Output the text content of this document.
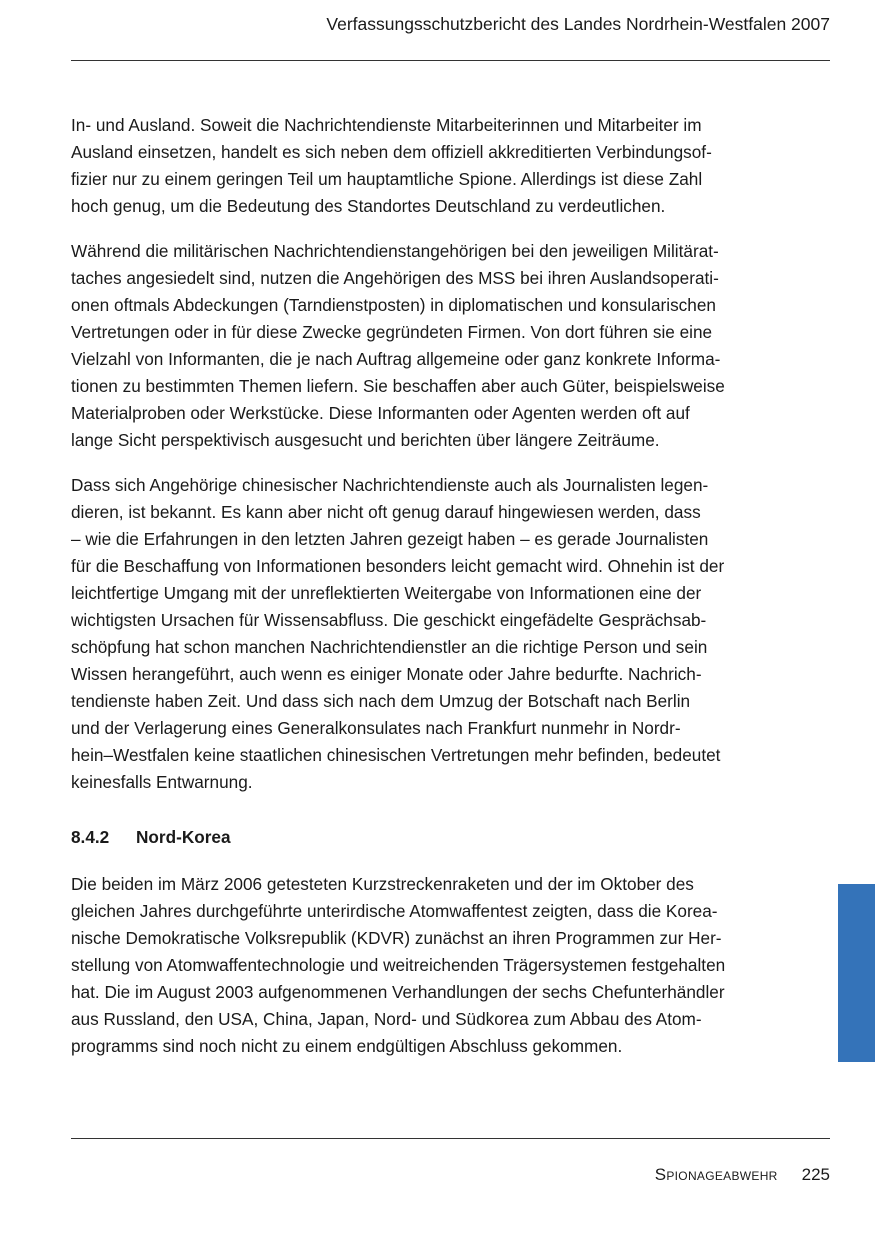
Verfassungsschutzbericht des Landes Nordrhein-Westfalen 2007

In- und Ausland. Soweit die Nachrichtendienste Mitarbeiterinnen und Mitarbeiter im
Ausland einsetzen, handelt es sich neben dem offiziell akkreditierten Verbindungsof-
fizier nur zu einem geringen Teil um hauptamtliche Spione. Allerdings ist diese Zahl
hoch genug, um die Bedeutung des Standortes Deutschland zu verdeutlichen.

Während die militärischen Nachrichtendienstangehörigen bei den jeweiligen Militärat-
taches angesiedelt sind, nutzen die Angehörigen des MSS bei ihren Auslandsoperati-
onen oftmals Abdeckungen (Tarndienstposten) in diplomatischen und konsularischen
Vertretungen oder in für diese Zwecke gegründeten Firmen. Von dort führen sie eine
Vielzahl von Informanten, die je nach Auftrag allgemeine oder ganz konkrete Informa-
tionen zu bestimmten Themen liefern. Sie beschaffen aber auch Güter, beispielsweise
Materialproben oder Werkstücke. Diese Informanten oder Agenten werden oft auf
lange Sicht perspektivisch ausgesucht und berichten über längere Zeiträume.

Dass sich Angehörige chinesischer Nachrichtendienste auch als Journalisten legen-
dieren, ist bekannt. Es kann aber nicht oft genug darauf hingewiesen werden, dass
– wie die Erfahrungen in den letzten Jahren gezeigt haben – es gerade Journalisten
für die Beschaffung von Informationen besonders leicht gemacht wird. Ohnehin ist der
leichtfertige Umgang mit der unreflektierten Weitergabe von Informationen eine der
wichtigsten Ursachen für Wissensabfluss. Die geschickt eingefädelte Gesprächsab-
schöpfung hat schon manchen Nachrichtendienstler an die richtige Person und sein
Wissen herangeführt, auch wenn es einiger Monate oder Jahre bedurfte. Nachrich-
tendienste haben Zeit. Und dass sich nach dem Umzug der Botschaft nach Berlin
und der Verlagerung eines Generalkonsulates nach Frankfurt nunmehr in Nordr-
hein–Westfalen keine staatlichen chinesischen Vertretungen mehr befinden, bedeutet
keinesfalls Entwarnung.

8.4.2 Nord-Korea

Die beiden im März 2006 getesteten Kurzstreckenraketen und der im Oktober des
gleichen Jahres durchgeführte unterirdische Atomwaffentest zeigten, dass die Korea-
nische Demokratische Volksrepublik (KDVR) zunächst an ihren Programmen zur Her-
stellung von Atomwaffentechnologie und weitreichenden Trägersystemen festgehalten
hat. Die im August 2003 aufgenommenen Verhandlungen der sechs Chefunterhändler
aus Russland, den USA, China, Japan, Nord- und Südkorea zum Abbau des Atom-
programms sind noch nicht zu einem endgültigen Abschluss gekommen.

Spionageabwehr 225
